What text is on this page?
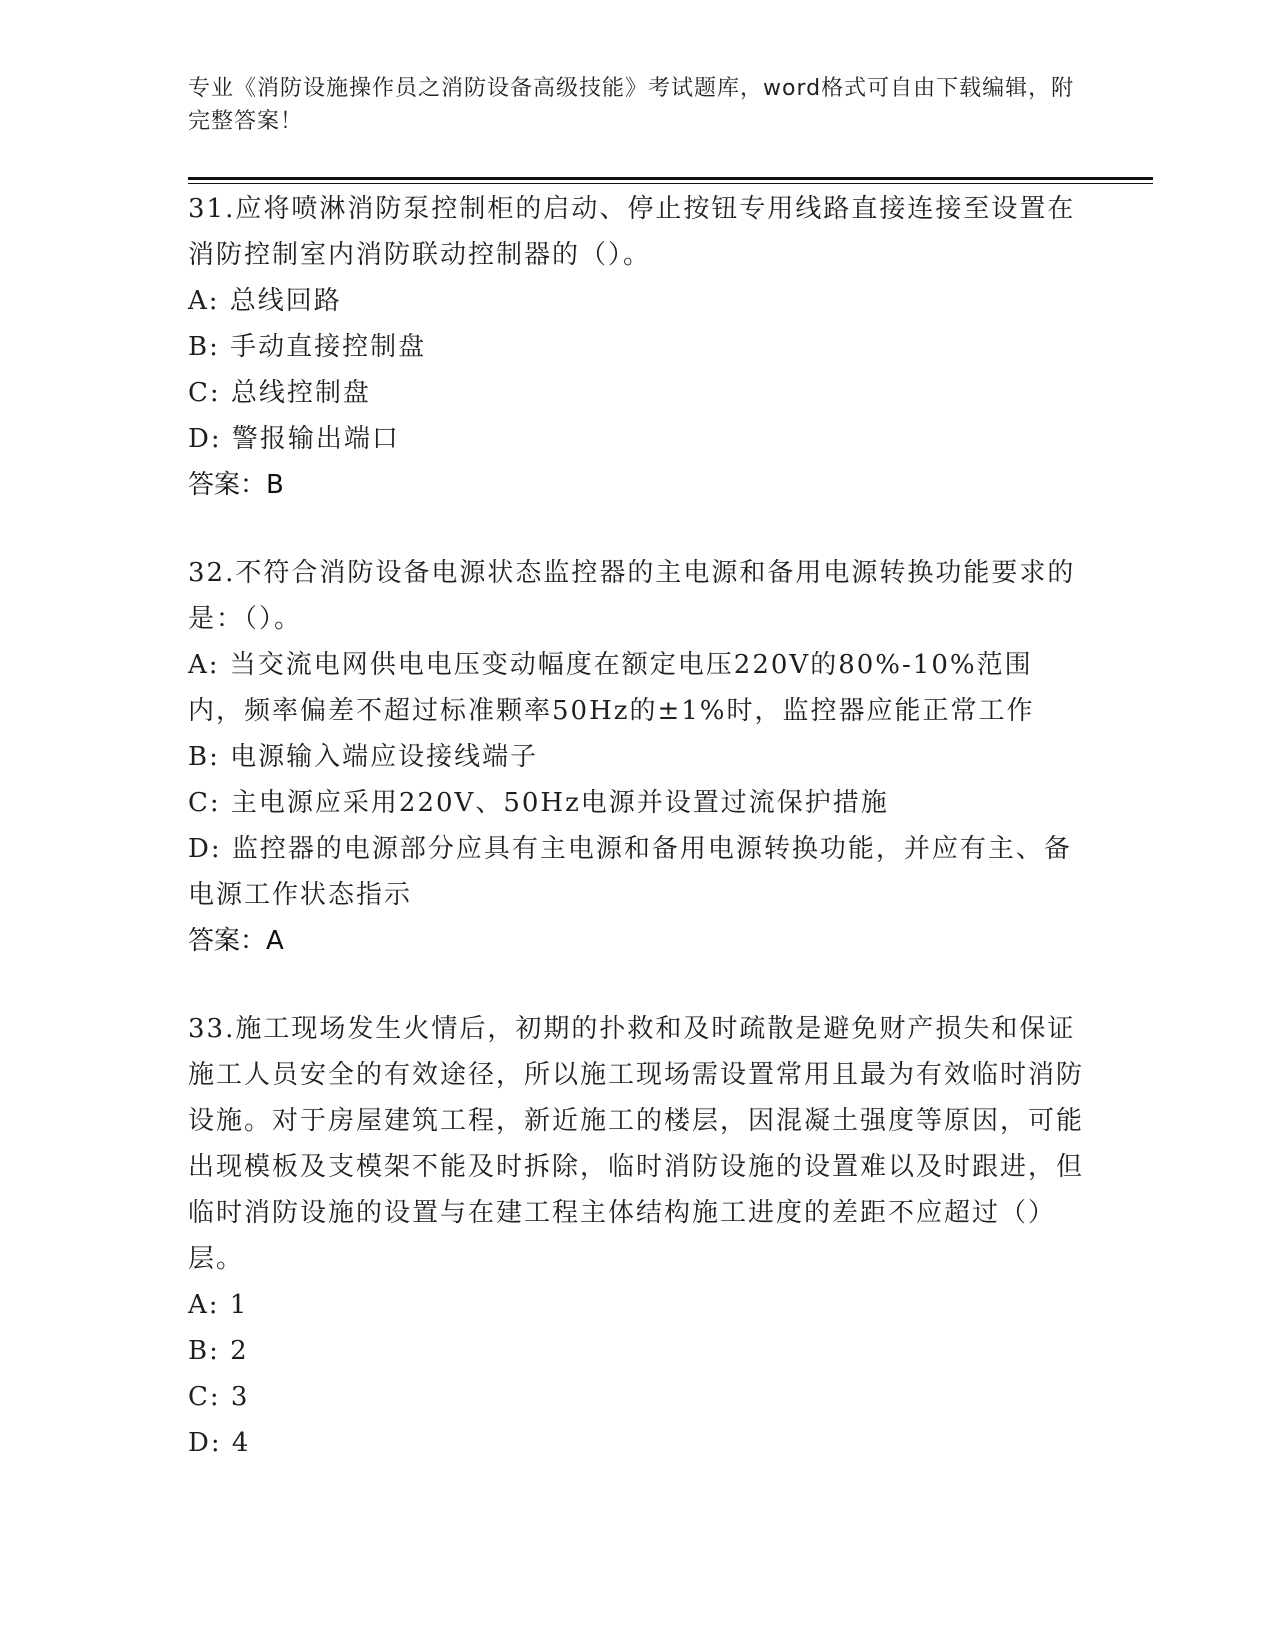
专业《消防设施操作员之消防设备高级技能》考试题库，word格式可自由下载编辑，附完整答案！

31.应将喷淋消防泵控制柜的启动、停止按钮专用线路直接连接至设置在消防控制室内消防联动控制器的（）。

A: 总线回路

B: 手动直接控制盘

C: 总线控制盘

D: 警报输出端口

答案：B

32.不符合消防设备电源状态监控器的主电源和备用电源转换功能要求的是：（）。

A: 当交流电网供电电压变动幅度在额定电压220V的80%-10%范围内，频率偏差不超过标准颗率50Hz的±1%时，监控器应能正常工作

B: 电源输入端应设接线端子

C: 主电源应采用220V、50Hz电源并设置过流保护措施

D: 监控器的电源部分应具有主电源和备用电源转换功能，并应有主、备电源工作状态指示

答案：A

33.施工现场发生火情后，初期的扑救和及时疏散是避免财产损失和保证施工人员安全的有效途径，所以施工现场需设置常用且最为有效临时消防设施。对于房屋建筑工程，新近施工的楼层，因混凝土强度等原因，可能出现模板及支模架不能及时拆除，临时消防设施的设置难以及时跟进，但临时消防设施的设置与在建工程主体结构施工进度的差距不应超过（）层。

A: 1

B: 2

C: 3

D: 4
